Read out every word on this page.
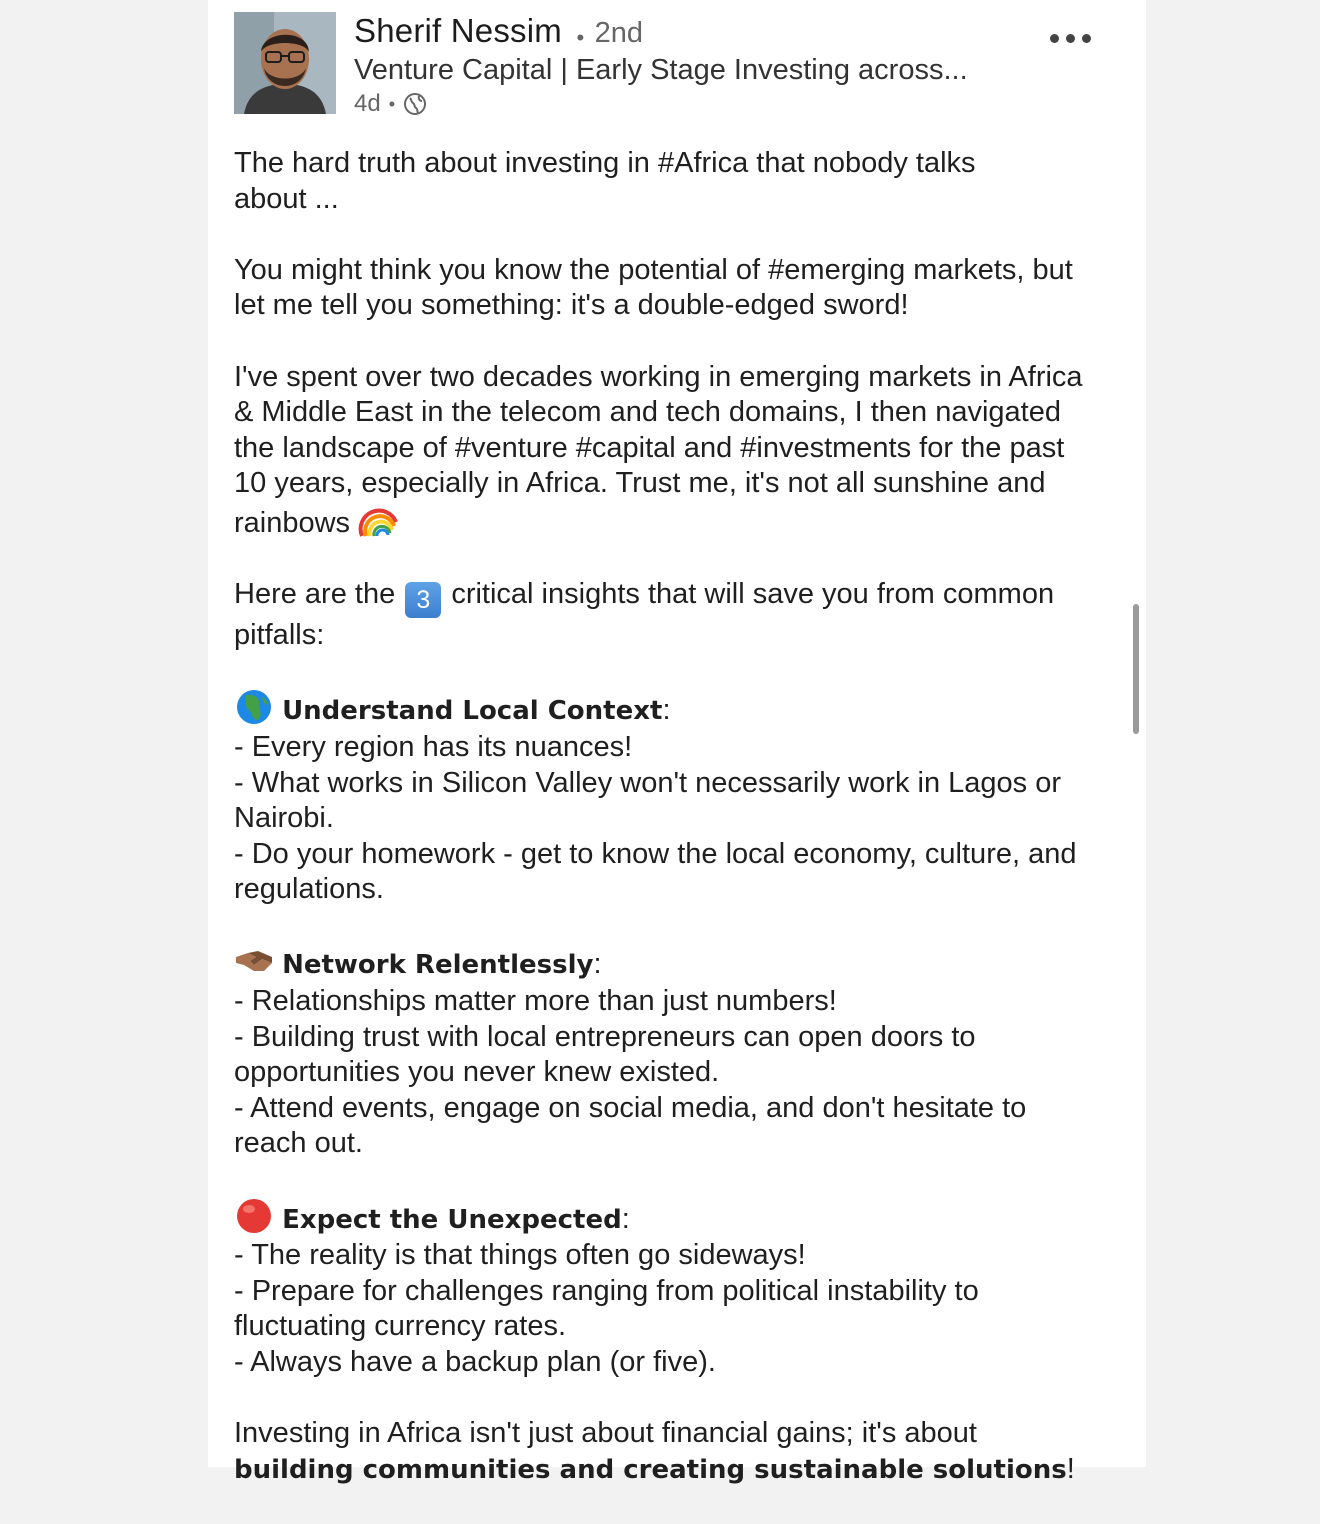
Sherif Nessim • 2nd
Venture Capital | Early Stage Investing across...
4d •

The hard truth about investing in #Africa that nobody talks
about ...

You might think you know the potential of #emerging markets, but
let me tell you something: it's a double-edged sword!

I've spent over two decades working in emerging markets in Africa
& Middle East in the telecom and tech domains, I then navigated
the landscape of #venture #capital and #investments for the past
10 years, especially in Africa. Trust me, it's not all sunshine and
rainbows

Here are the 3 critical insights that will save you from common
pitfalls:

Understand Local Context:
- Every region has its nuances!
- What works in Silicon Valley won't necessarily work in Lagos or
Nairobi.
- Do your homework - get to know the local economy, culture, and
regulations.

Network Relentlessly:
- Relationships matter more than just numbers!
- Building trust with local entrepreneurs can open doors to
opportunities you never knew existed.
- Attend events, engage on social media, and don't hesitate to
reach out.

Expect the Unexpected:
- The reality is that things often go sideways!
- Prepare for challenges ranging from political instability to
fluctuating currency rates.
- Always have a backup plan (or five).

Investing in Africa isn't just about financial gains; it's about
building communities and creating sustainable solutions!
